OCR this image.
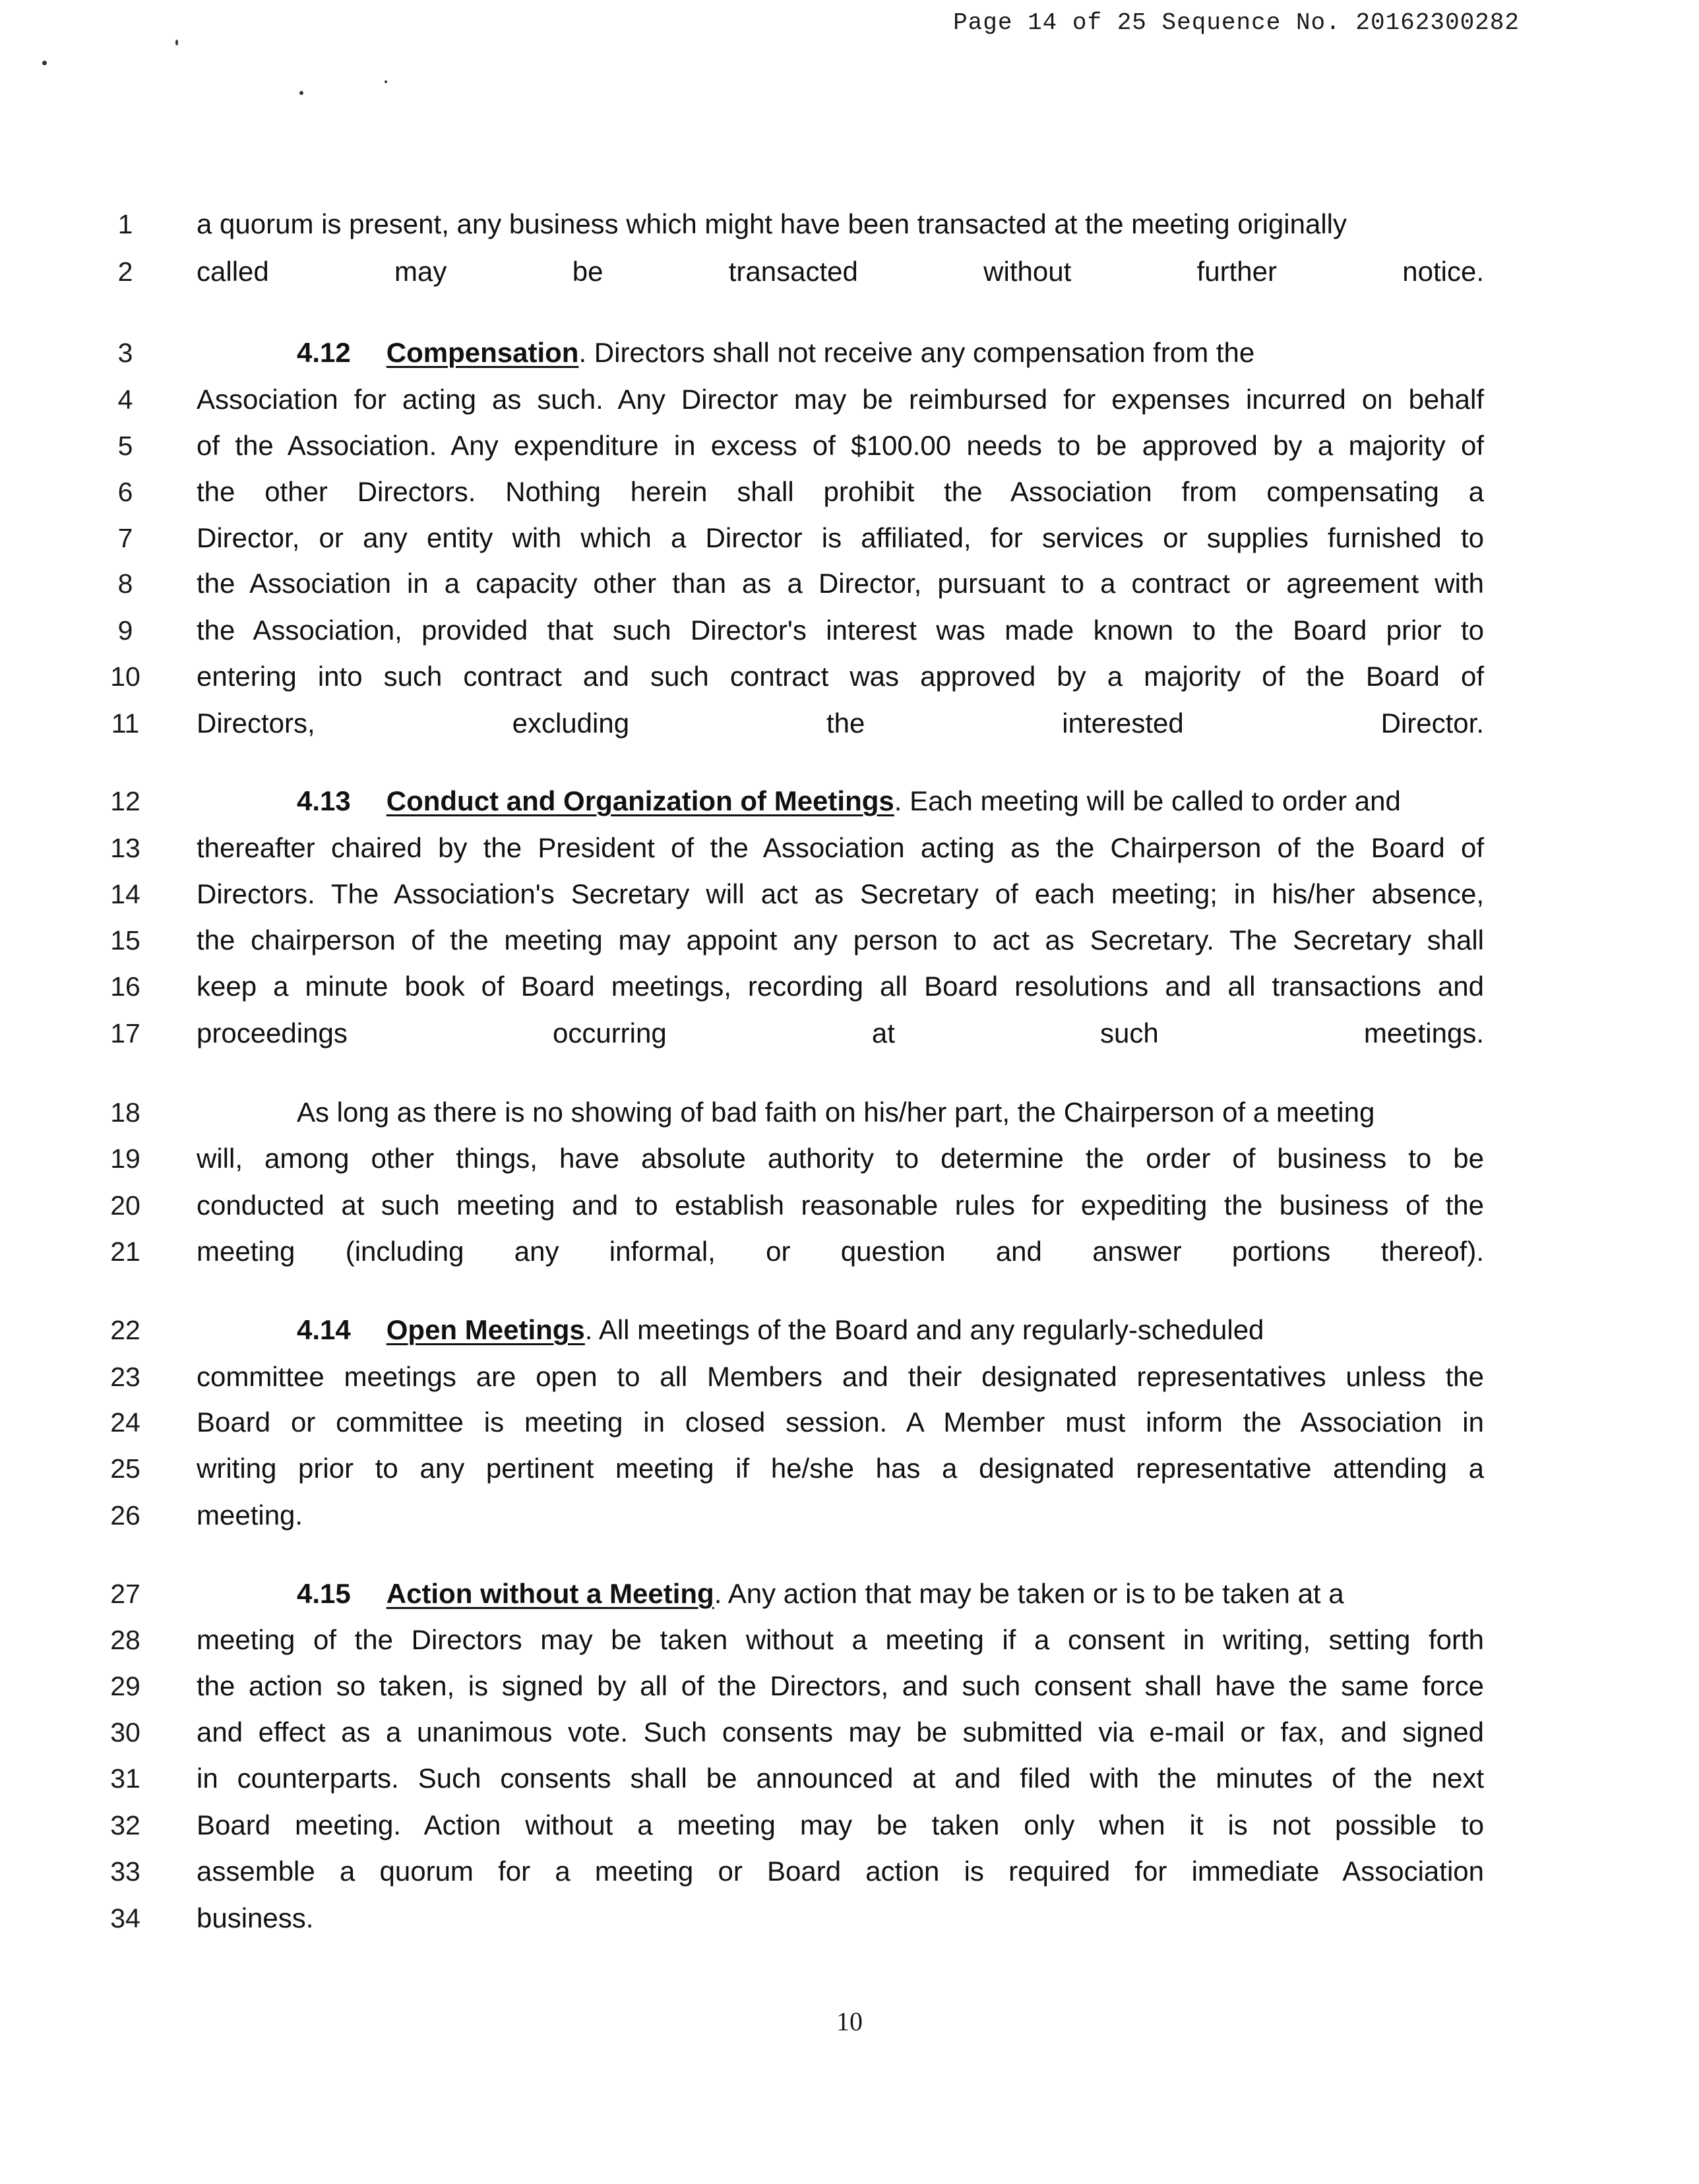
Page 14 of 25 Sequence No. 20162300282
1	a quorum is present, any business which might have been transacted at the meeting originally
2	called may be transacted without further notice.
3	4.12 Compensation. Directors shall not receive any compensation from the
4	Association for acting as such. Any Director may be reimbursed for expenses incurred on behalf
5	of the Association. Any expenditure in excess of $100.00 needs to be approved by a majority of
6	the other Directors. Nothing herein shall prohibit the Association from compensating a
7	Director, or any entity with which a Director is affiliated, for services or supplies furnished to
8	the Association in a capacity other than as a Director, pursuant to a contract or agreement with
9	the Association, provided that such Director's interest was made known to the Board prior to
10	entering into such contract and such contract was approved by a majority of the Board of
11	Directors, excluding the interested Director.
12	4.13 Conduct and Organization of Meetings. Each meeting will be called to order and
13	thereafter chaired by the President of the Association acting as the Chairperson of the Board of
14	Directors. The Association's Secretary will act as Secretary of each meeting; in his/her absence,
15	the chairperson of the meeting may appoint any person to act as Secretary. The Secretary shall
16	keep a minute book of Board meetings, recording all Board resolutions and all transactions and
17	proceedings occurring at such meetings.
18	As long as there is no showing of bad faith on his/her part, the Chairperson of a meeting
19	will, among other things, have absolute authority to determine the order of business to be
20	conducted at such meeting and to establish reasonable rules for expediting the business of the
21	meeting (including any informal, or question and answer portions thereof).
22	4.14 Open Meetings. All meetings of the Board and any regularly-scheduled
23	committee meetings are open to all Members and their designated representatives unless the
24	Board or committee is meeting in closed session. A Member must inform the Association in
25	writing prior to any pertinent meeting if he/she has a designated representative attending a
26	meeting.
27	4.15 Action without a Meeting. Any action that may be taken or is to be taken at a
28	meeting of the Directors may be taken without a meeting if a consent in writing, setting forth
29	the action so taken, is signed by all of the Directors, and such consent shall have the same force
30	and effect as a unanimous vote. Such consents may be submitted via e-mail or fax, and signed
31	in counterparts. Such consents shall be announced at and filed with the minutes of the next
32	Board meeting. Action without a meeting may be taken only when it is not possible to
33	assemble a quorum for a meeting or Board action is required for immediate Association
34	business.
10
